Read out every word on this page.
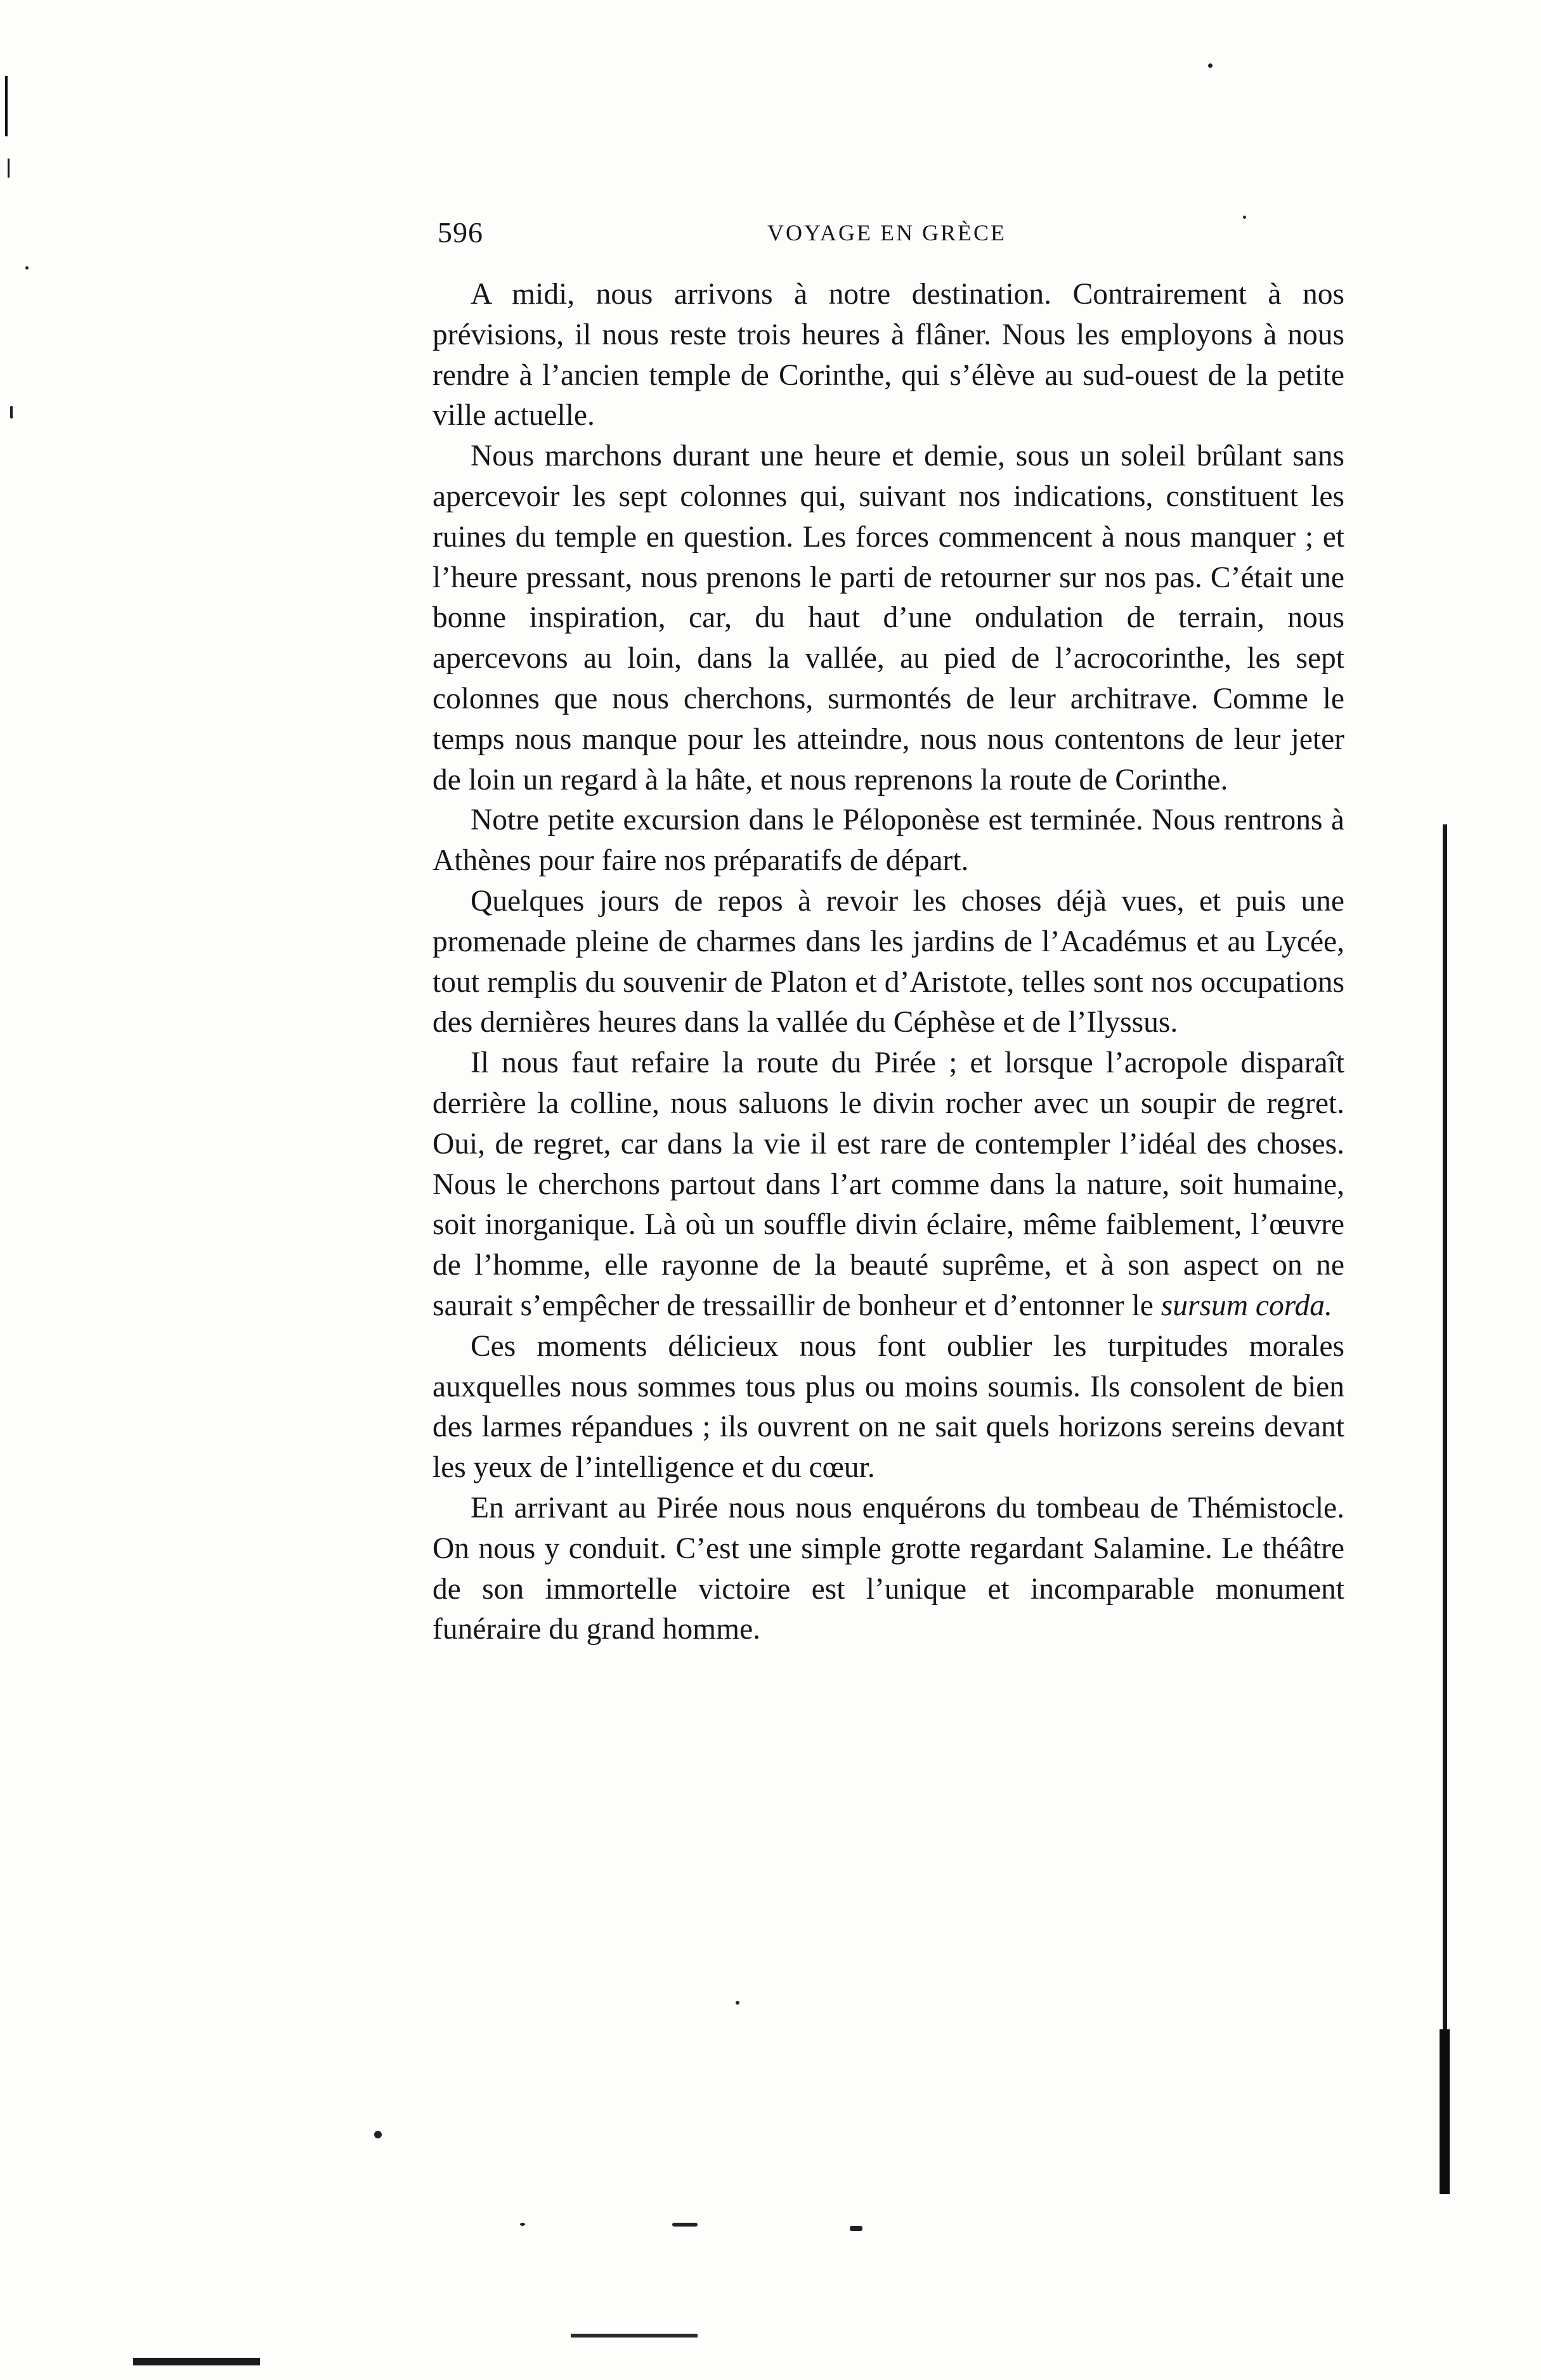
596	VOYAGE EN GRÈCE

A midi, nous arrivons à notre destination. Contrairement à nos prévisions, il nous reste trois heures à flâner. Nous les employons à nous rendre à l’ancien temple de Corinthe, qui s’élève au sud-ouest de la petite ville actuelle.

Nous marchons durant une heure et demie, sous un soleil brûlant sans apercevoir les sept colonnes qui, suivant nos indications, constituent les ruines du temple en question. Les forces commencent à nous manquer ; et l’heure pressant, nous prenons le parti de retourner sur nos pas. C’était une bonne inspiration, car, du haut d’une ondulation de terrain, nous apercevons au loin, dans la vallée, au pied de l’acrocorinthe, les sept colonnes que nous cherchons, surmontés de leur architrave. Comme le temps nous manque pour les atteindre, nous nous contentons de leur jeter de loin un regard à la hâte, et nous reprenons la route de Corinthe.

Notre petite excursion dans le Péloponèse est terminée. Nous rentrons à Athènes pour faire nos préparatifs de départ.

Quelques jours de repos à revoir les choses déjà vues, et puis une promenade pleine de charmes dans les jardins de l’Académus et au Lycée, tout remplis du souvenir de Platon et d’Aristote, telles sont nos occupations des dernières heures dans la vallée du Céphèse et de l’Ilyssus.

Il nous faut refaire la route du Pirée ; et lorsque l’acropole disparaît derrière la colline, nous saluons le divin rocher avec un soupir de regret. Oui, de regret, car dans la vie il est rare de contempler l’idéal des choses. Nous le cherchons partout dans l’art comme dans la nature, soit humaine, soit inorganique. Là où un souffle divin éclaire, même faiblement, l’œuvre de l’homme, elle rayonne de la beauté suprême, et à son aspect on ne saurait s’empêcher de tressaillir de bonheur et d’entonner le sursum corda.

Ces moments délicieux nous font oublier les turpitudes morales auxquelles nous sommes tous plus ou moins soumis. Ils consolent de bien des larmes répandues ; ils ouvrent on ne sait quels horizons sereins devant les yeux de l’intelligence et du cœur.

En arrivant au Pirée nous nous enquérons du tombeau de Thémistocle. On nous y conduit. C’est une simple grotte regardant Salamine. Le théâtre de son immortelle victoire est l’unique et incomparable monument funéraire du grand homme.
